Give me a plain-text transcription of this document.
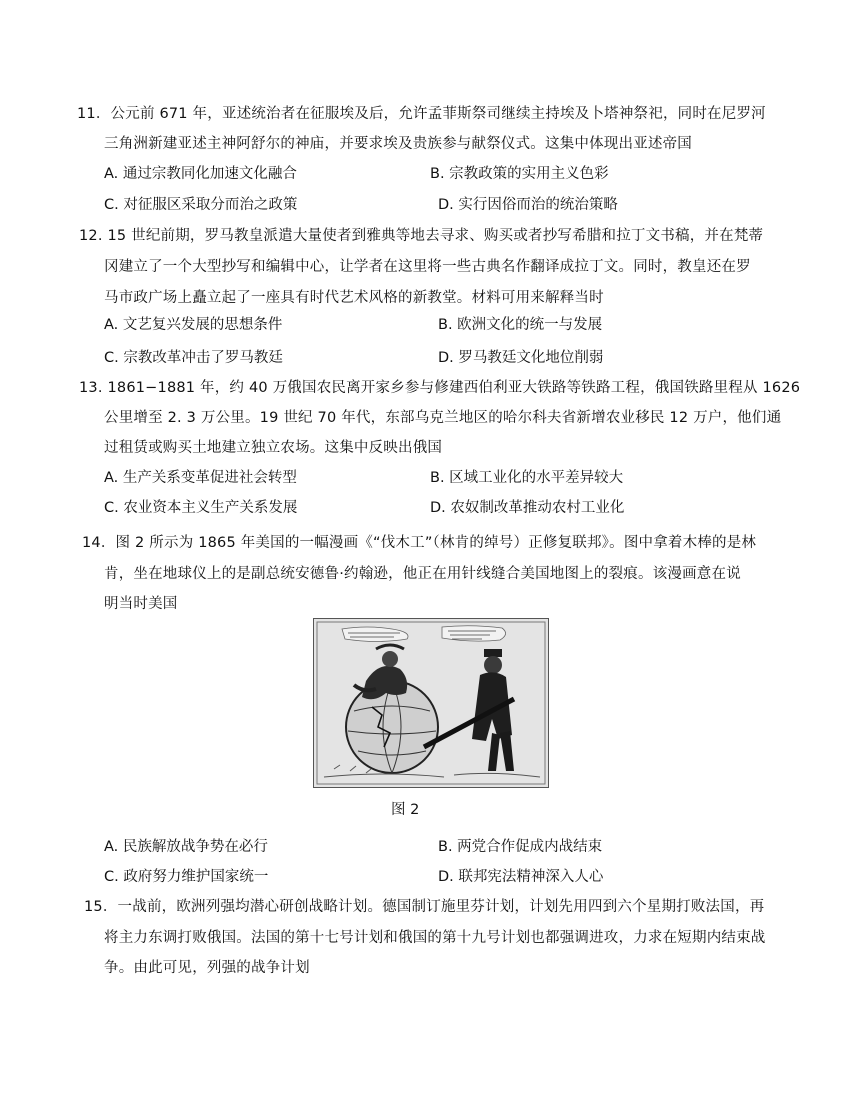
11．公元前 671 年，亚述统治者在征服埃及后，允许孟菲斯祭司继续主持埃及卜塔神祭祀，同时在尼罗河
三角洲新建亚述主神阿舒尔的神庙，并要求埃及贵族参与献祭仪式。这集中体现出亚述帝国
A. 通过宗教同化加速文化融合	B. 宗教政策的实用主义色彩
C. 对征服区采取分而治之政策	D. 实行因俗而治的统治策略
12. 15 世纪前期，罗马教皇派遣大量使者到雅典等地去寻求、购买或者抄写希腊和拉丁文书稿，并在梵蒂
冈建立了一个大型抄写和编辑中心，让学者在这里将一些古典名作翻译成拉丁文。同时，教皇还在罗
马市政广场上矗立起了一座具有时代艺术风格的新教堂。材料可用来解释当时
A. 文艺复兴发展的思想条件	B. 欧洲文化的统一与发展
C. 宗教改革冲击了罗马教廷	D. 罗马教廷文化地位削弱
13. 1861−1881 年，约 40 万俄国农民离开家乡参与修建西伯利亚大铁路等铁路工程，俄国铁路里程从 1626
公里增至 2. 3 万公里。19 世纪 70 年代，东部乌克兰地区的哈尔科夫省新增农业移民 12 万户，他们通
过租赁或购买土地建立独立农场。这集中反映出俄国
A. 生产关系变革促进社会转型	B. 区域工业化的水平差异较大
C. 农业资本主义生产关系发展	D. 农奴制改革推动农村工业化
14．图 2 所示为 1865 年美国的一幅漫画《“伐木工”（林肯的绰号）正修复联邦》。图中拿着木棒的是林
肯，坐在地球仪上的是副总统安德鲁·约翰逊，他正在用针线缝合美国地图上的裂痕。该漫画意在说
明当时美国
图 2
A. 民族解放战争势在必行	B. 两党合作促成内战结束
C. 政府努力维护国家统一	D. 联邦宪法精神深入人心
15．一战前，欧洲列强均潜心研创战略计划。德国制订施里芬计划，计划先用四到六个星期打败法国，再
将主力东调打败俄国。法国的第十七号计划和俄国的第十九号计划也都强调进攻，力求在短期内结束战
争。由此可见，列强的战争计划
